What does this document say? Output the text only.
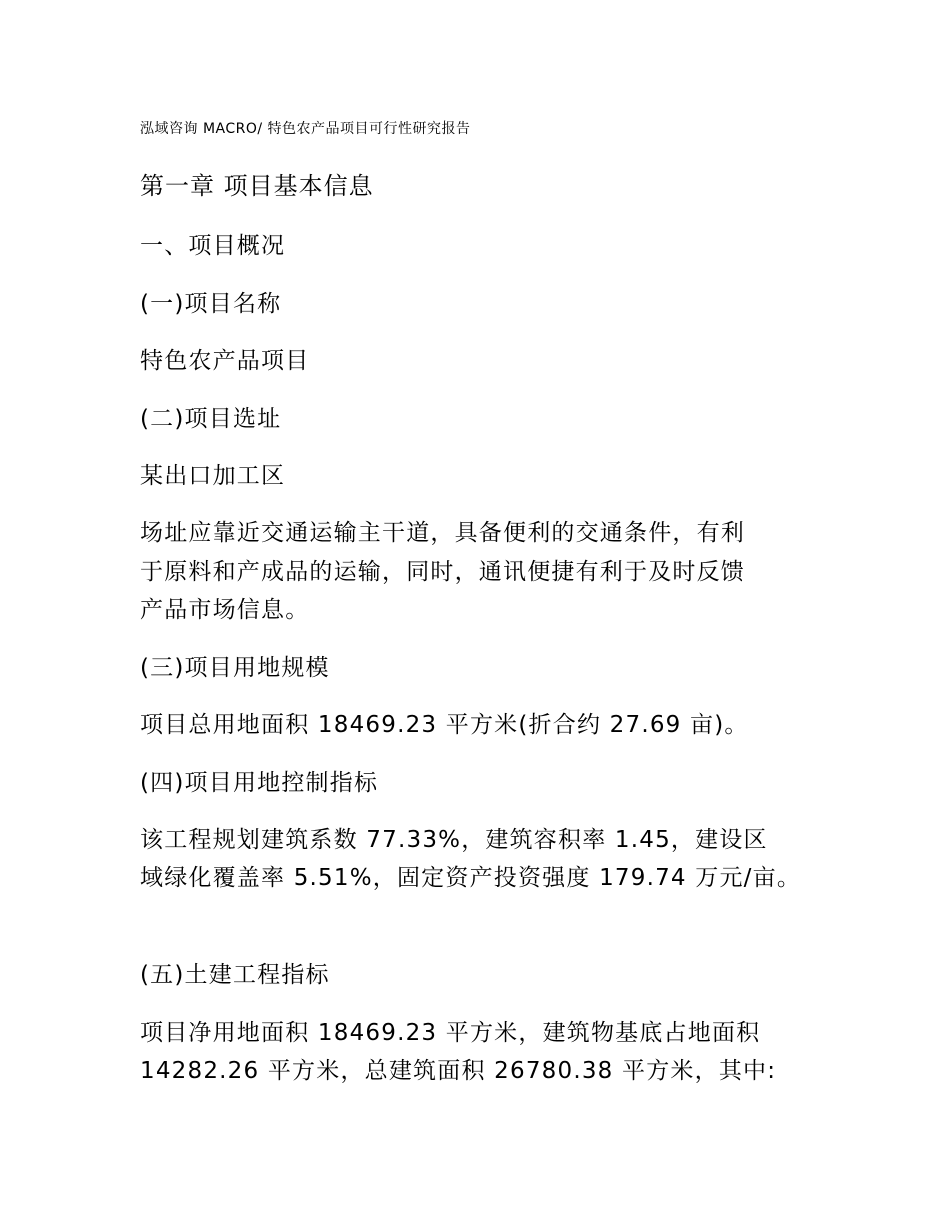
泓域咨询 MACRO/ 特色农产品项目可行性研究报告
第一章 项目基本信息
一、项目概况
(一)项目名称
特色农产品项目
(二)项目选址
某出口加工区
场址应靠近交通运输主干道，具备便利的交通条件，有利
于原料和产成品的运输，同时，通讯便捷有利于及时反馈
产品市场信息。
(三)项目用地规模
项目总用地面积 18469.23 平方米(折合约 27.69 亩)。
(四)项目用地控制指标
该工程规划建筑系数 77.33%，建筑容积率 1.45，建设区
域绿化覆盖率 5.51%，固定资产投资强度 179.74 万元/亩。
(五)土建工程指标
项目净用地面积 18469.23 平方米，建筑物基底占地面积
14282.26 平方米，总建筑面积 26780.38 平方米，其中:
